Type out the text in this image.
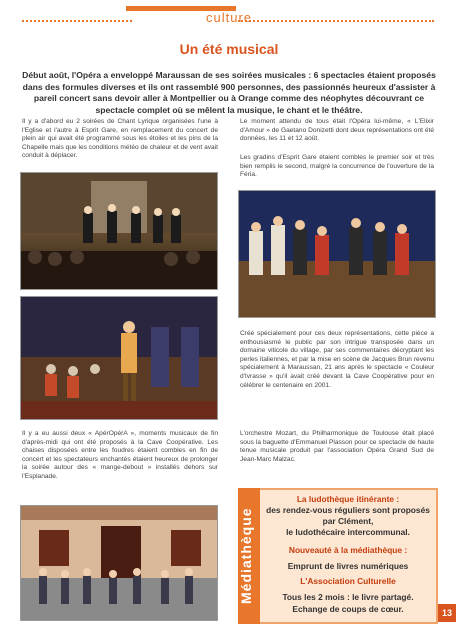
culture
Un été musical
Début août, l'Opéra a enveloppé Maraussan de ses soirées musicales : 6 spectacles étaient proposés dans des formules diverses et ils ont rassemblé 900 personnes, des passionnés heureux d'assister à pareil concert sans devoir aller à Montpellier ou à Orange comme des néophytes découvrant ce spectacle complet où se mêlent la musique, le chant et le théâtre.
Il y a d'abord eu 2 soirées de Chant Lyrique organisées l'une à l'Eglise et l'autre à Esprit Gare, en remplacement du concert de plein air qui avait été programmé sous les étoiles et les pins de la Chapelle mais que les conditions météo de chaleur et de vent avait conduit à déplacer.
Il y a eu aussi deux « ApérOpérA », moments musicaux de fin d'après-midi qui ont été proposés à la Cave Coopérative. Les chaises disposées entre les foudres étaient combles en fin de concert et les spectateurs enchantés étaient heureux de prolonger la soirée autour des « mange-debout » installés dehors sur l'Esplanade.
Le moment attendu de tous était l'Opéra lui-même, « L'Elixir d'Amour » de Gaetano Donizetti dont deux représentations ont été données, les 11 et 12 août.
Les gradins d'Esprit Gare étaient combles le premier soir et très bien remplis le second, malgré la concurrence de l'ouverture de la Féria.
Créé spécialement pour ces deux représentations, cette pièce a enthousiasmé le public par son intrigue transposée dans un domaine viticole du village, par ses commentaires décryptant les perles italiennes, et par la mise en scène de Jacques Brun revenu spécialement à Maraussan, 21 ans après le spectacle « Couleur d'Ivrasse » qu'il avait créé devant la Cave Coopérative pour en célébrer le centenaire en 2001.
L'orchestre Mozart, du Philharmonique de Toulouse était placé sous la baguette d'Emmanuel Plasson pour ce spectacle de haute tenue musicale produit par l'association Opéra Grand Sud de Jean-Marc Malzac.
Médiathèque
La ludothèque itinérante :
des rendez-vous réguliers sont proposés par Clément,
le ludothécaire intercommunal.
Nouveauté à la médiathèque :
Emprunt de livres numériques
L'Association Culturelle
Tous les 2 mois : le livre partagé.
Echange de coups de cœur.	13
